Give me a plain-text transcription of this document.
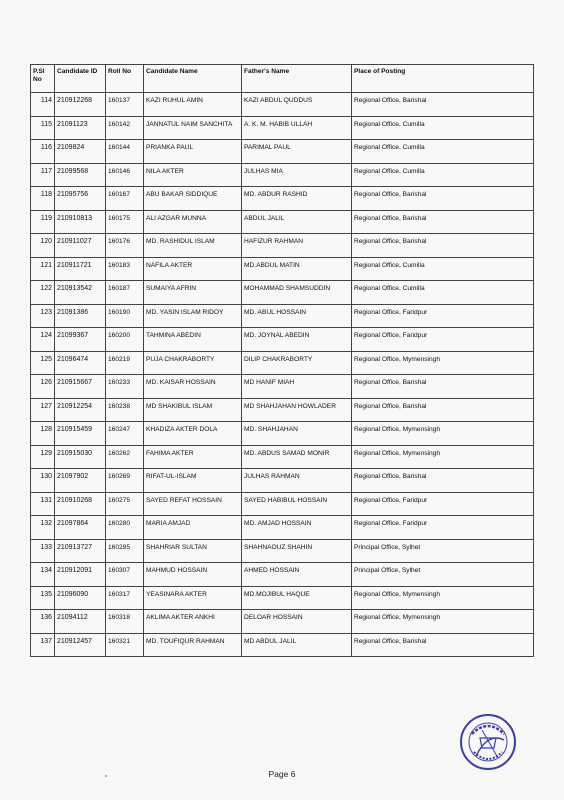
P.Sl No	Candidate ID	Roll No	Candidate Name	Father's Name	Place of Posting
114	210912268	160137	KAZI RUHUL AMIN	KAZI ABDUL QUDDUS	Regional Office, Barishal
115	21091123	160142	JANNATUL NAIM SANCHITA	A. K. M. HABIB ULLAH	Regional Office, Cumilla
116	2109824	160144	PRIANKA PAUL	PARIMAL PAUL	Regional Office, Cumilla
117	21099568	160146	NILA AKTER	JULHAS MIA	Regional Office, Cumilla
118	21095756	160167	ABU BAKAR SIDDIQUE	MD. ABDUR RASHID	Regional Office, Barishal
119	210910813	160175	ALI AZGAR MUNNA	ABDUL JALIL	Regional Office, Barishal
120	210911027	160176	MD. RASHIDUL ISLAM	HAFIZUR RAHMAN	Regional Office, Barishal
121	210911721	160183	NAFILA AKTER	MD.ABDUL MATIN	Regional Office, Cumilla
122	210913542	160187	SUMAIYA AFRIN	MOHAMMAD SHAMSUDDIN	Regional Office, Cumilla
123	21091386	160190	MD. YASIN ISLAM RIDOY	MD. ABUL HOSSAIN	Regional Office, Faridpur
124	21099367	160200	TAHMINA ABEDIN	MD. JOYNAL ABEDIN	Regional Office, Faridpur
125	21096474	160219	PUJA CHAKRABORTY	DILIP CHAKRABORTY	Regional Office, Mymensingh
126	210915667	160233	MD. KAISAR HOSSAIN	MD HANIF MIAH	Regional Office, Barishal
127	210912254	160238	MD SHAKIBUL ISLAM	MD SHAHJAHAN HOWLADER	Regional Office, Barishal
128	210915459	160247	KHADIZA AKTER DOLA	MD. SHAHJAHAN	Regional Office, Mymensingh
129	210915030	160262	FAHIMA AKTER	MD. ABDUS SAMAD MONIR	Regional Office, Mymensingh
130	21097902	160269	RIFAT-UL-ISLAM	JULHAS RAHMAN	Regional Office, Barishal
131	210910268	160275	SAYED REFAT HOSSAIN	SAYED HABIBUL HOSSAIN	Regional Office, Faridpur
132	21097864	160280	MARIA AMJAD	MD. AMJAD HOSSAIN	Regional Office, Faridpur
133	210913727	160295	SHAHRIAR SULTAN	SHAHNAOUZ SHAHIN	Principal Office, Sylhet
134	210912091	160307	MAHMUD HOSSAIN	AHMED HOSSAIN	Principal Office, Sylhet
135	21096090	160317	YEASINARA AKTER	MD.MOJIBUL HAQUE	Regional Office, Mymensingh
136	21094112	160318	AKLIMA AKTER ANKHI	DELOAR HOSSAIN	Regional Office, Mymensingh
137	210912457	160321	MD. TOUFIQUR RAHMAN	MD ABDUL JALIL	Regional Office, Barishal
Page 6
